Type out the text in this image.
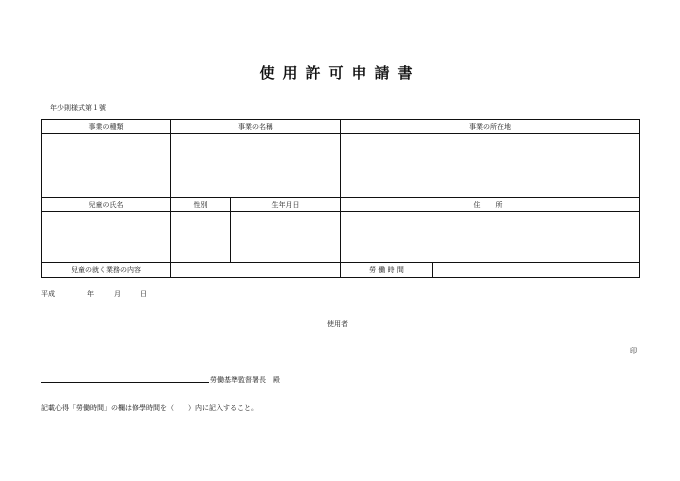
使用許可申請書
年少則様式第１號
事業の種類	事業の名稱		事業の所在地	

兒童の氏名	性別	生年月日	住　所	

兒童の就く業務の内容			勞 働 時 間	
平成	年	月	日
使用者
印
勞働基準監督署長　殿
記載心得「勞働時間」の欄は修學時間を（　　）内に記入すること。
